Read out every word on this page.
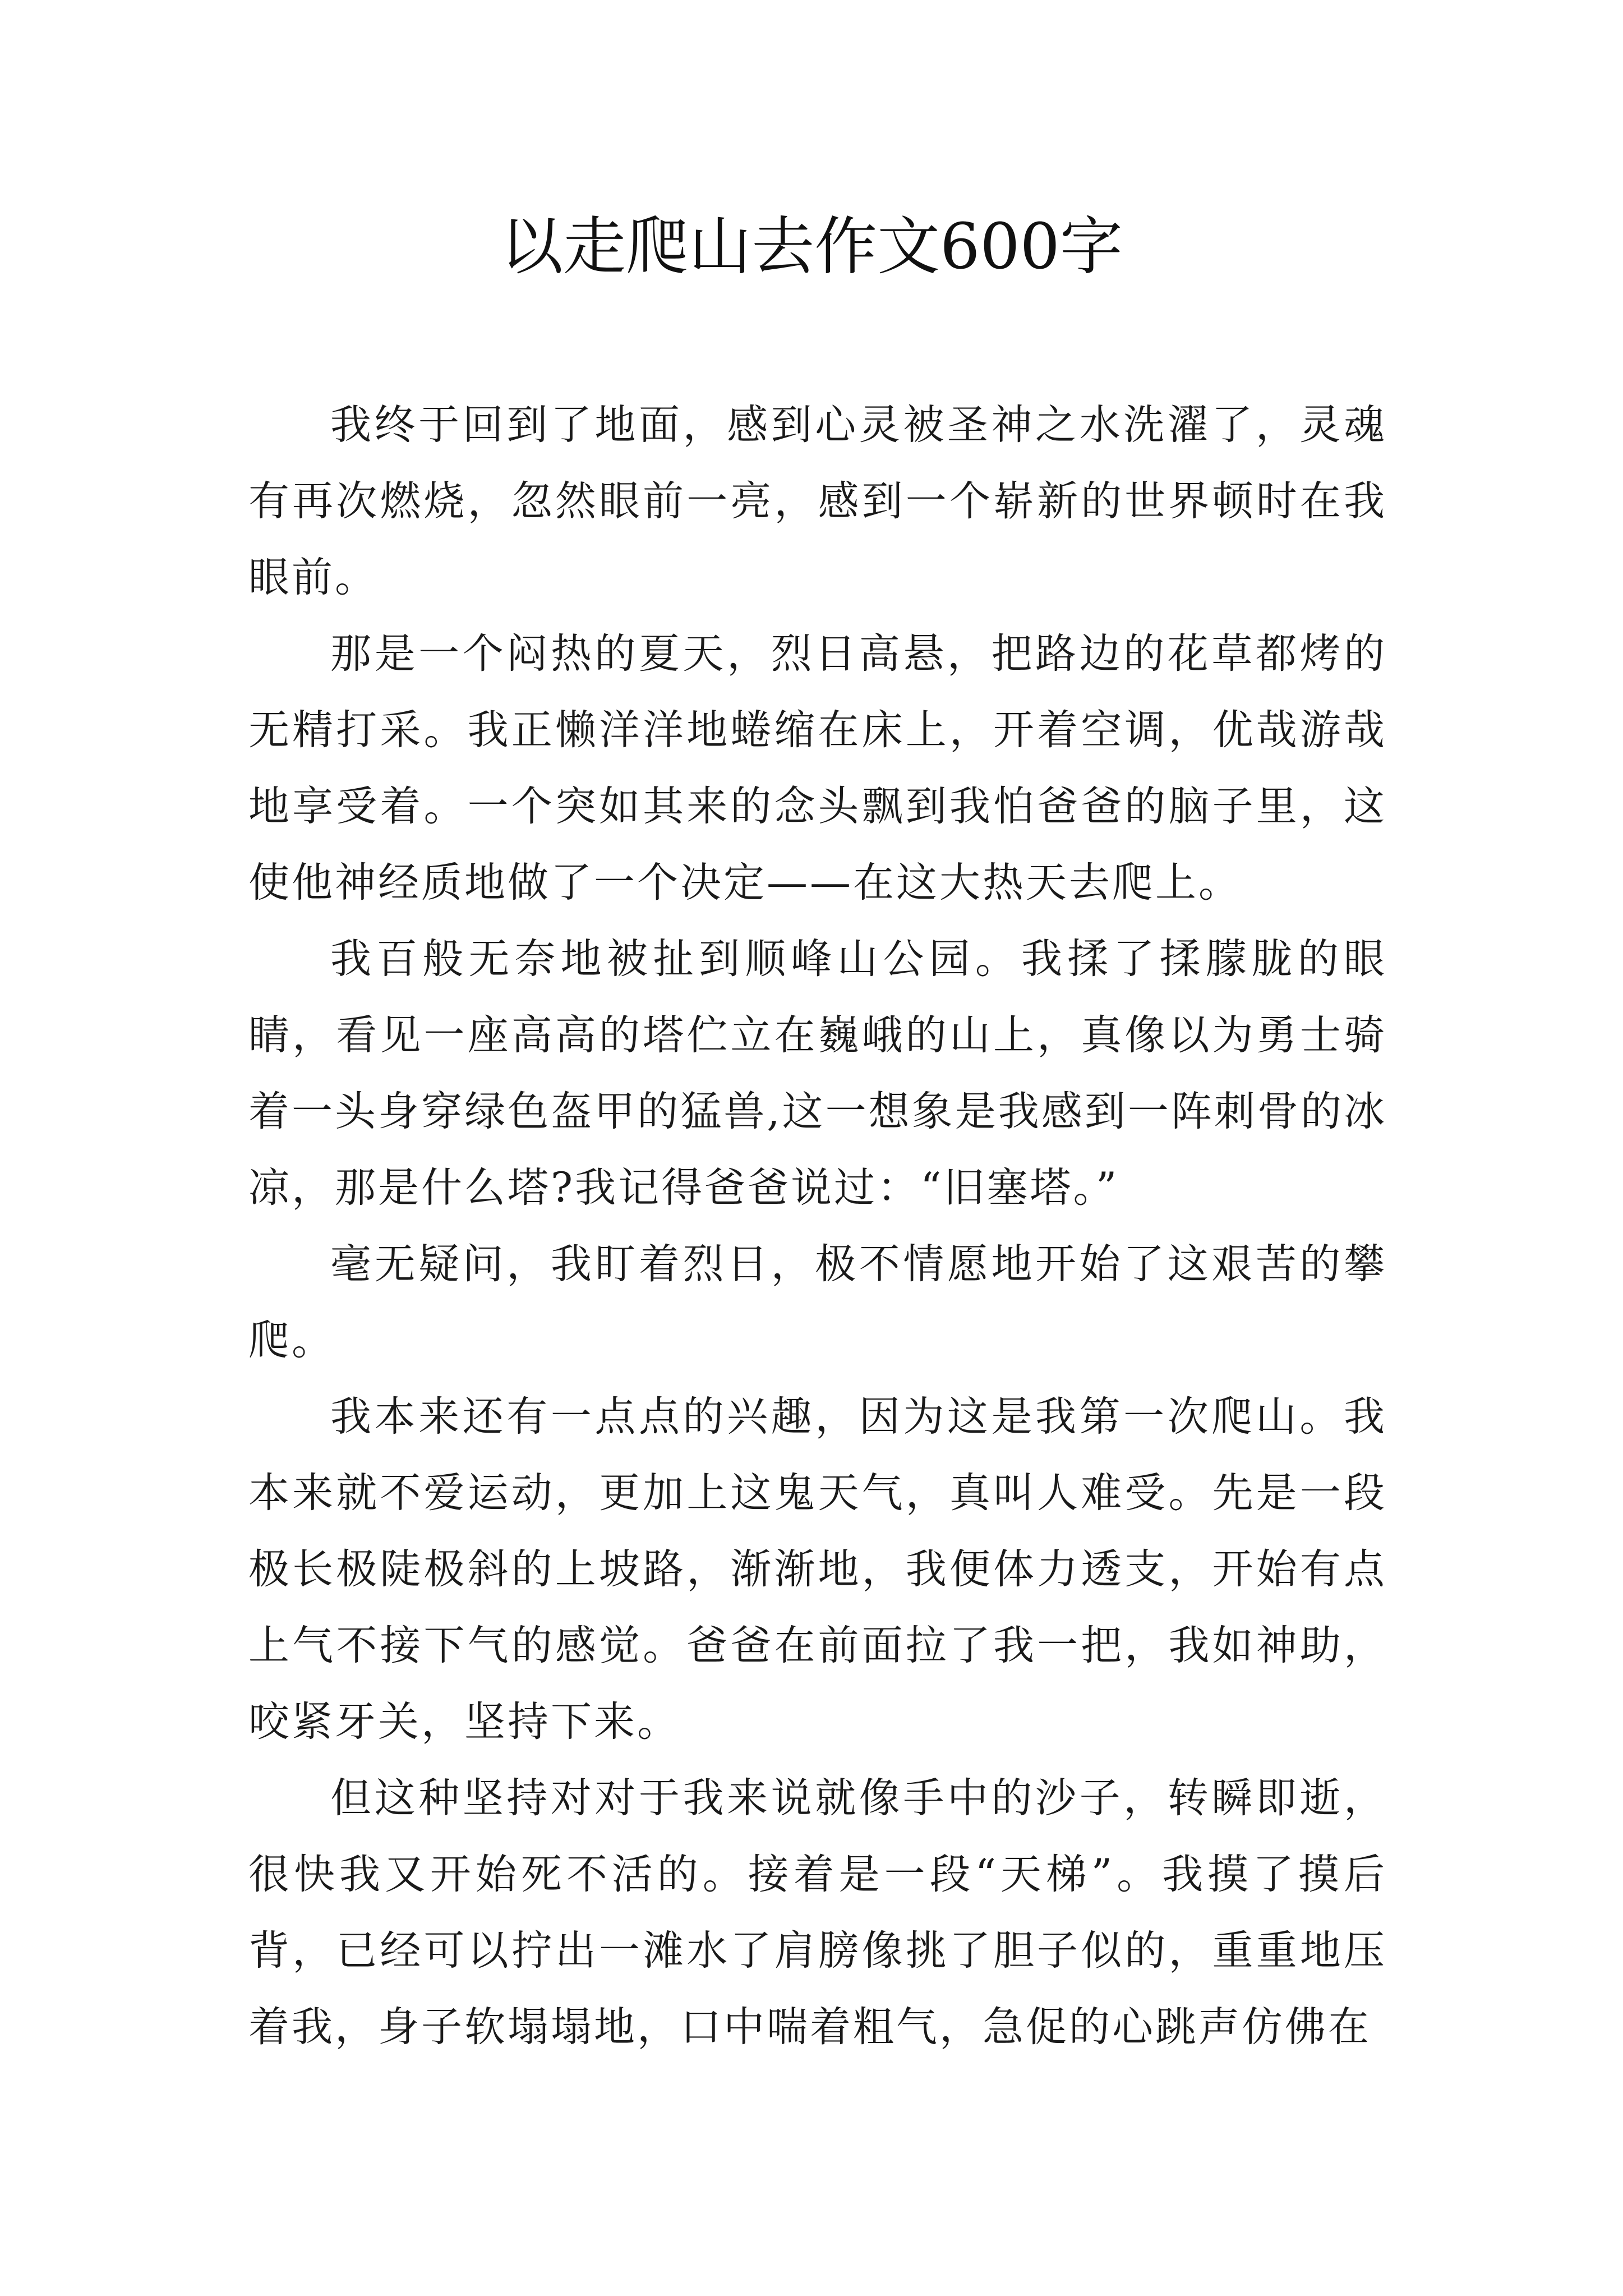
以走爬山去作文600字

我终于回到了地面，感到心灵被圣神之水洗濯了，灵魂有再次燃烧，忽然眼前一亮，感到一个崭新的世界顿时在我眼前。

那是一个闷热的夏天，烈日高悬，把路边的花草都烤的无精打采。我正懒洋洋地蜷缩在床上，开着空调，优哉游哉地享受着。一个突如其来的念头飘到我怕爸爸的脑子里，这使他神经质地做了一个决定——在这大热天去爬上。

我百般无奈地被扯到顺峰山公园。我揉了揉朦胧的眼睛，看见一座高高的塔伫立在巍峨的山上，真像以为勇士骑着一头身穿绿色盔甲的猛兽,这一想象是我感到一阵刺骨的冰凉，那是什么塔?我记得爸爸说过：“旧塞塔。”

毫无疑问，我盯着烈日，极不情愿地开始了这艰苦的攀爬。

我本来还有一点点的兴趣，因为这是我第一次爬山。我本来就不爱运动，更加上这鬼天气，真叫人难受。先是一段极长极陡极斜的上坡路，渐渐地，我便体力透支，开始有点上气不接下气的感觉。爸爸在前面拉了我一把，我如神助，咬紧牙关，坚持下来。

但这种坚持对对于我来说就像手中的沙子，转瞬即逝，很快我又开始死不活的。接着是一段“天梯”。我摸了摸后背，已经可以拧出一滩水了肩膀像挑了胆子似的，重重地压着我，身子软塌塌地，口中喘着粗气，急促的心跳声仿佛在
